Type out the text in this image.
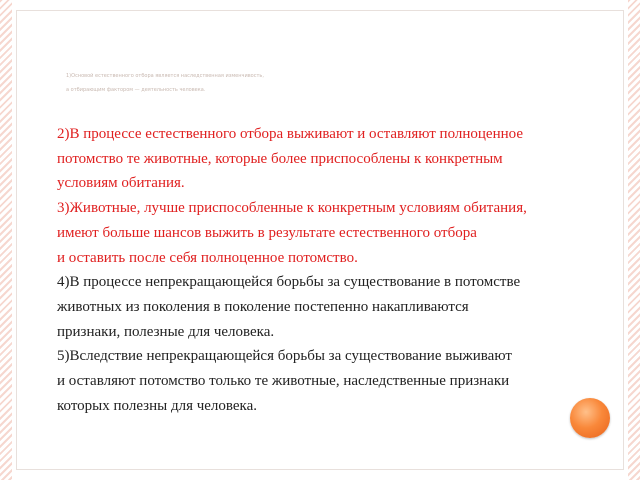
1)Основой естественного отбора является наследственная изменчивость,
а отбирающим фактором — деятельность человека.
2)В процессе естественного отбора выживают и оставляют полноценное
потомство те животные, которые более приспособлены к конкретным
условиям обитания.
3)Животные, лучше приспособленные к конкретным условиям обитания,
имеют больше шансов выжить в результате естественного отбора
и оставить после себя полноценное потомство.
4)В процессе непрекращающейся борьбы за существование в потомстве
животных из поколения в поколение постепенно накапливаются
признаки, полезные для человека.
5)Вследствие непрекращающейся борьбы за существование выживают
и оставляют потомство только те животные, наследственные признаки
которых полезны для человека.
